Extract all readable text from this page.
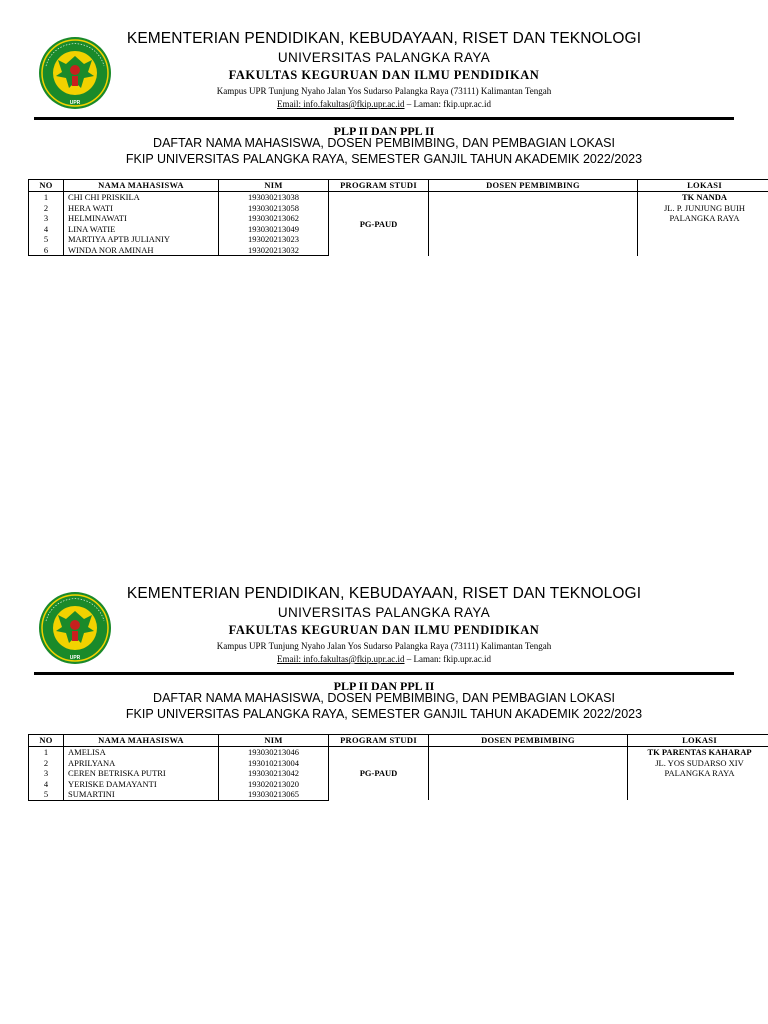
UPR
KEMENTERIAN PENDIDIKAN, KEBUDAYAAN, RISET DAN TEKNOLOGI
UNIVERSITAS PALANGKA RAYA
FAKULTAS KEGURUAN DAN ILMU PENDIDIKAN
Kampus UPR Tunjung Nyaho Jalan Yos Sudarso Palangka Raya (73111) Kalimantan Tengah
Email: info.fakultas@fkip.upr.ac.id – Laman: fkip.upr.ac.id
PLP II DAN PPL II
DAFTAR NAMA MAHASISWA, DOSEN PEMBIMBING, DAN PEMBAGIAN LOKASI
FKIP UNIVERSITAS PALANGKA RAYA, SEMESTER GANJIL TAHUN AKADEMIK 2022/2023
NO	NAMA MAHASISWA	NIM	PROGRAM STUDI	DOSEN PEMBIMBING	LOKASI
1	CHI CHI PRISKILA	193030213038	PG-PAUD		TK NANDA
JL. P. JUNJUNG BUIH
PALANGKA RAYA

2	HERA WATI	193030213058			
3	HELMINAWATI	193030213062			
4	LINA WATIE	193030213049			
5	MARTIYA APTB JULIANIY	193020213023			
6	WINDA NOR AMINAH	193020213032			
UPR
KEMENTERIAN PENDIDIKAN, KEBUDAYAAN, RISET DAN TEKNOLOGI
UNIVERSITAS PALANGKA RAYA
FAKULTAS KEGURUAN DAN ILMU PENDIDIKAN
Kampus UPR Tunjung Nyaho Jalan Yos Sudarso Palangka Raya (73111) Kalimantan Tengah
Email: info.fakultas@fkip.upr.ac.id – Laman: fkip.upr.ac.id
PLP II DAN PPL II
DAFTAR NAMA MAHASISWA, DOSEN PEMBIMBING, DAN PEMBAGIAN LOKASI
FKIP UNIVERSITAS PALANGKA RAYA, SEMESTER GANJIL TAHUN AKADEMIK 2022/2023
NO	NAMA MAHASISWA	NIM	PROGRAM STUDI	DOSEN PEMBIMBING	LOKASI
1	AMELISA	193030213046	PG-PAUD		TK PARENTAS KAHARAP
JL. YOS SUDARSO XIV
PALANGKA RAYA

2	APRILYANA	193010213004			
3	CEREN BETRISKA PUTRI	193030213042			
4	YERISKE DAMAYANTI	193020213020			
5	SUMARTINI	193030213065			
